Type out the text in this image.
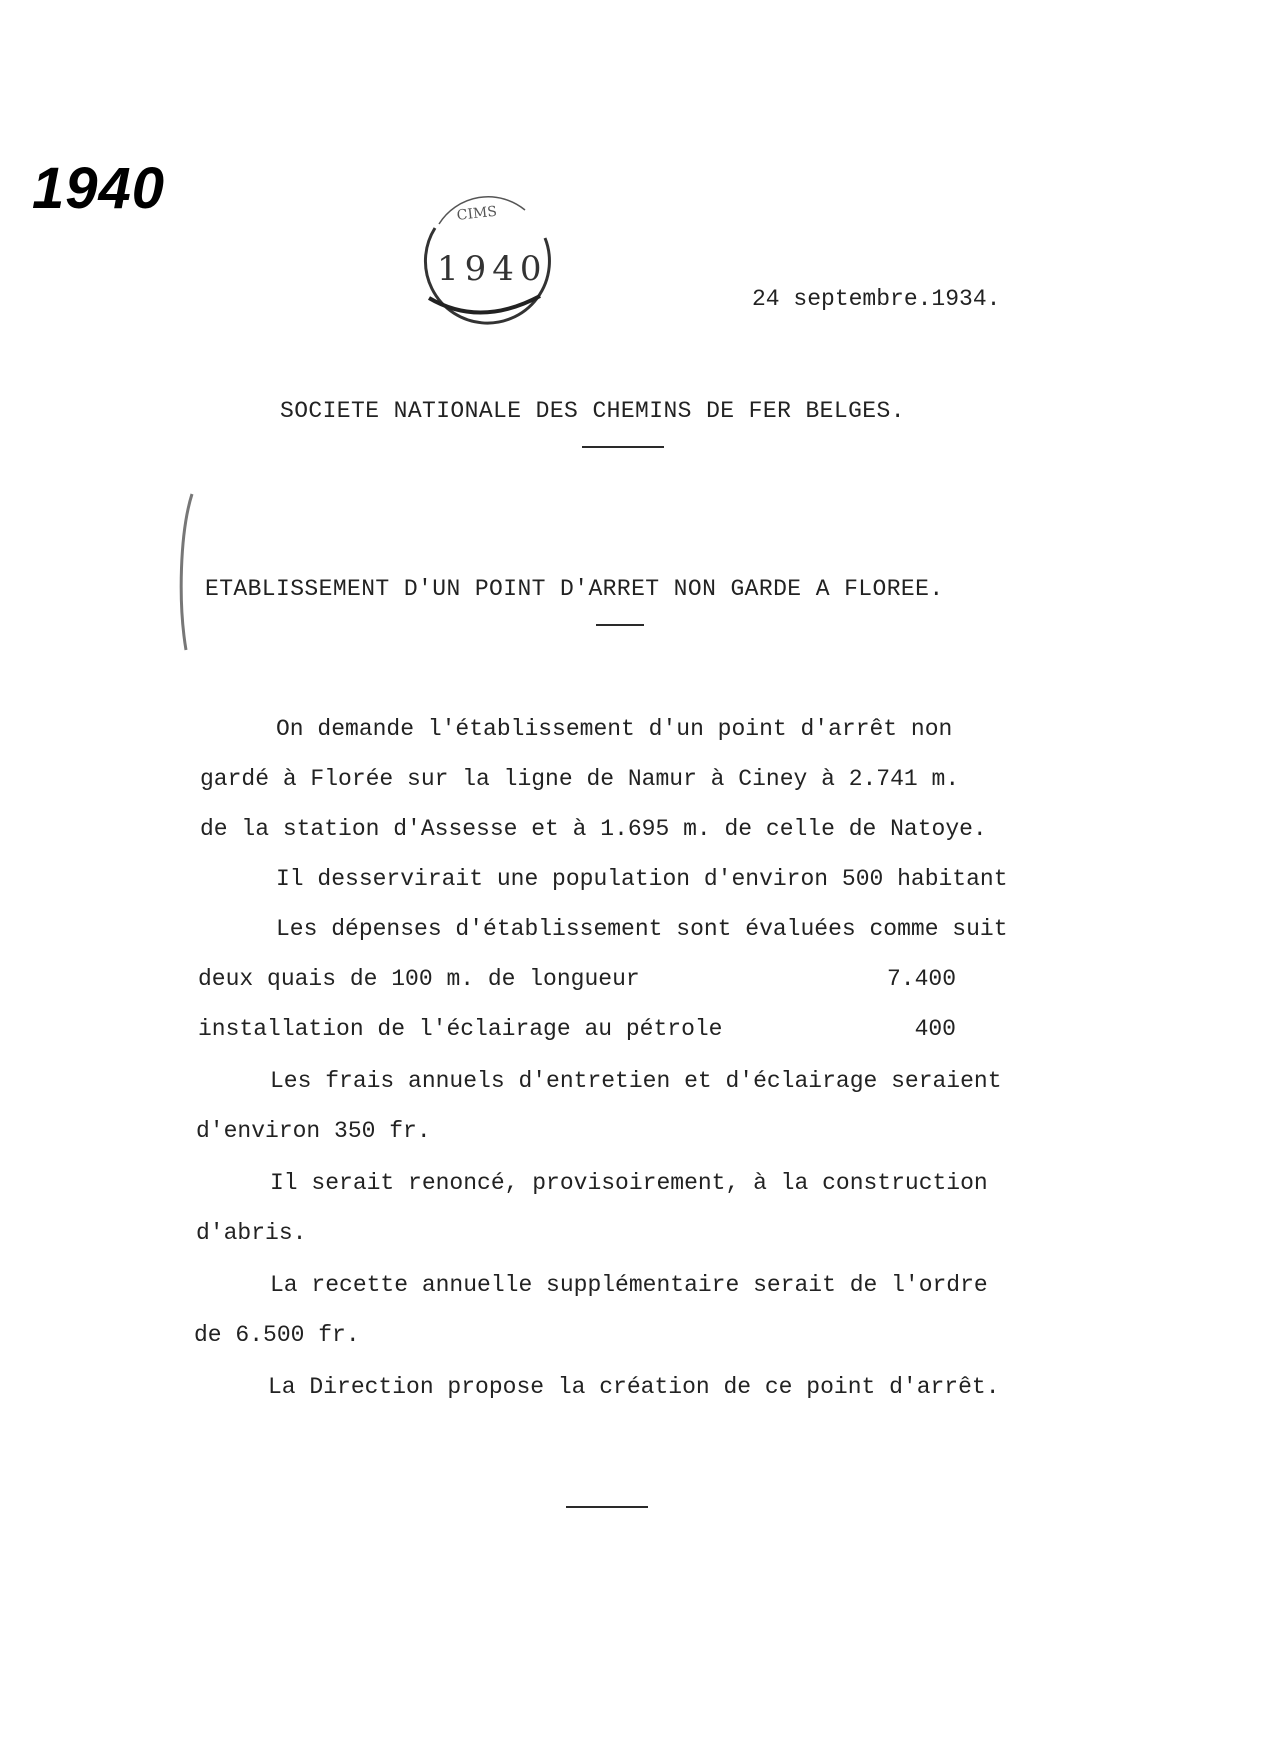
1940	CIMS
1940
24 septembre.1934.
SOCIETE NATIONALE DES CHEMINS DE FER BELGES.
ETABLISSEMENT D'UN POINT D'ARRET NON GARDE A FLOREE.
On demande l'établissement d'un point d'arrêt non
gardé à Florée sur la ligne de Namur à Ciney à 2.741 m.
de la station d'Assesse et à 1.695 m. de celle de Natoye.
Il desservirait une population d'environ 500 habitant
Les dépenses d'établissement sont évaluées comme suit
deux quais de 100 m. de longueur	7.400
installation de l'éclairage au pétrole	400
Les frais annuels d'entretien et d'éclairage seraient
d'environ 350 fr.
Il serait renoncé, provisoirement, à la construction
d'abris.
La recette annuelle supplémentaire serait de l'ordre
de 6.500 fr.
La Direction propose la création de ce point d'arrêt.
